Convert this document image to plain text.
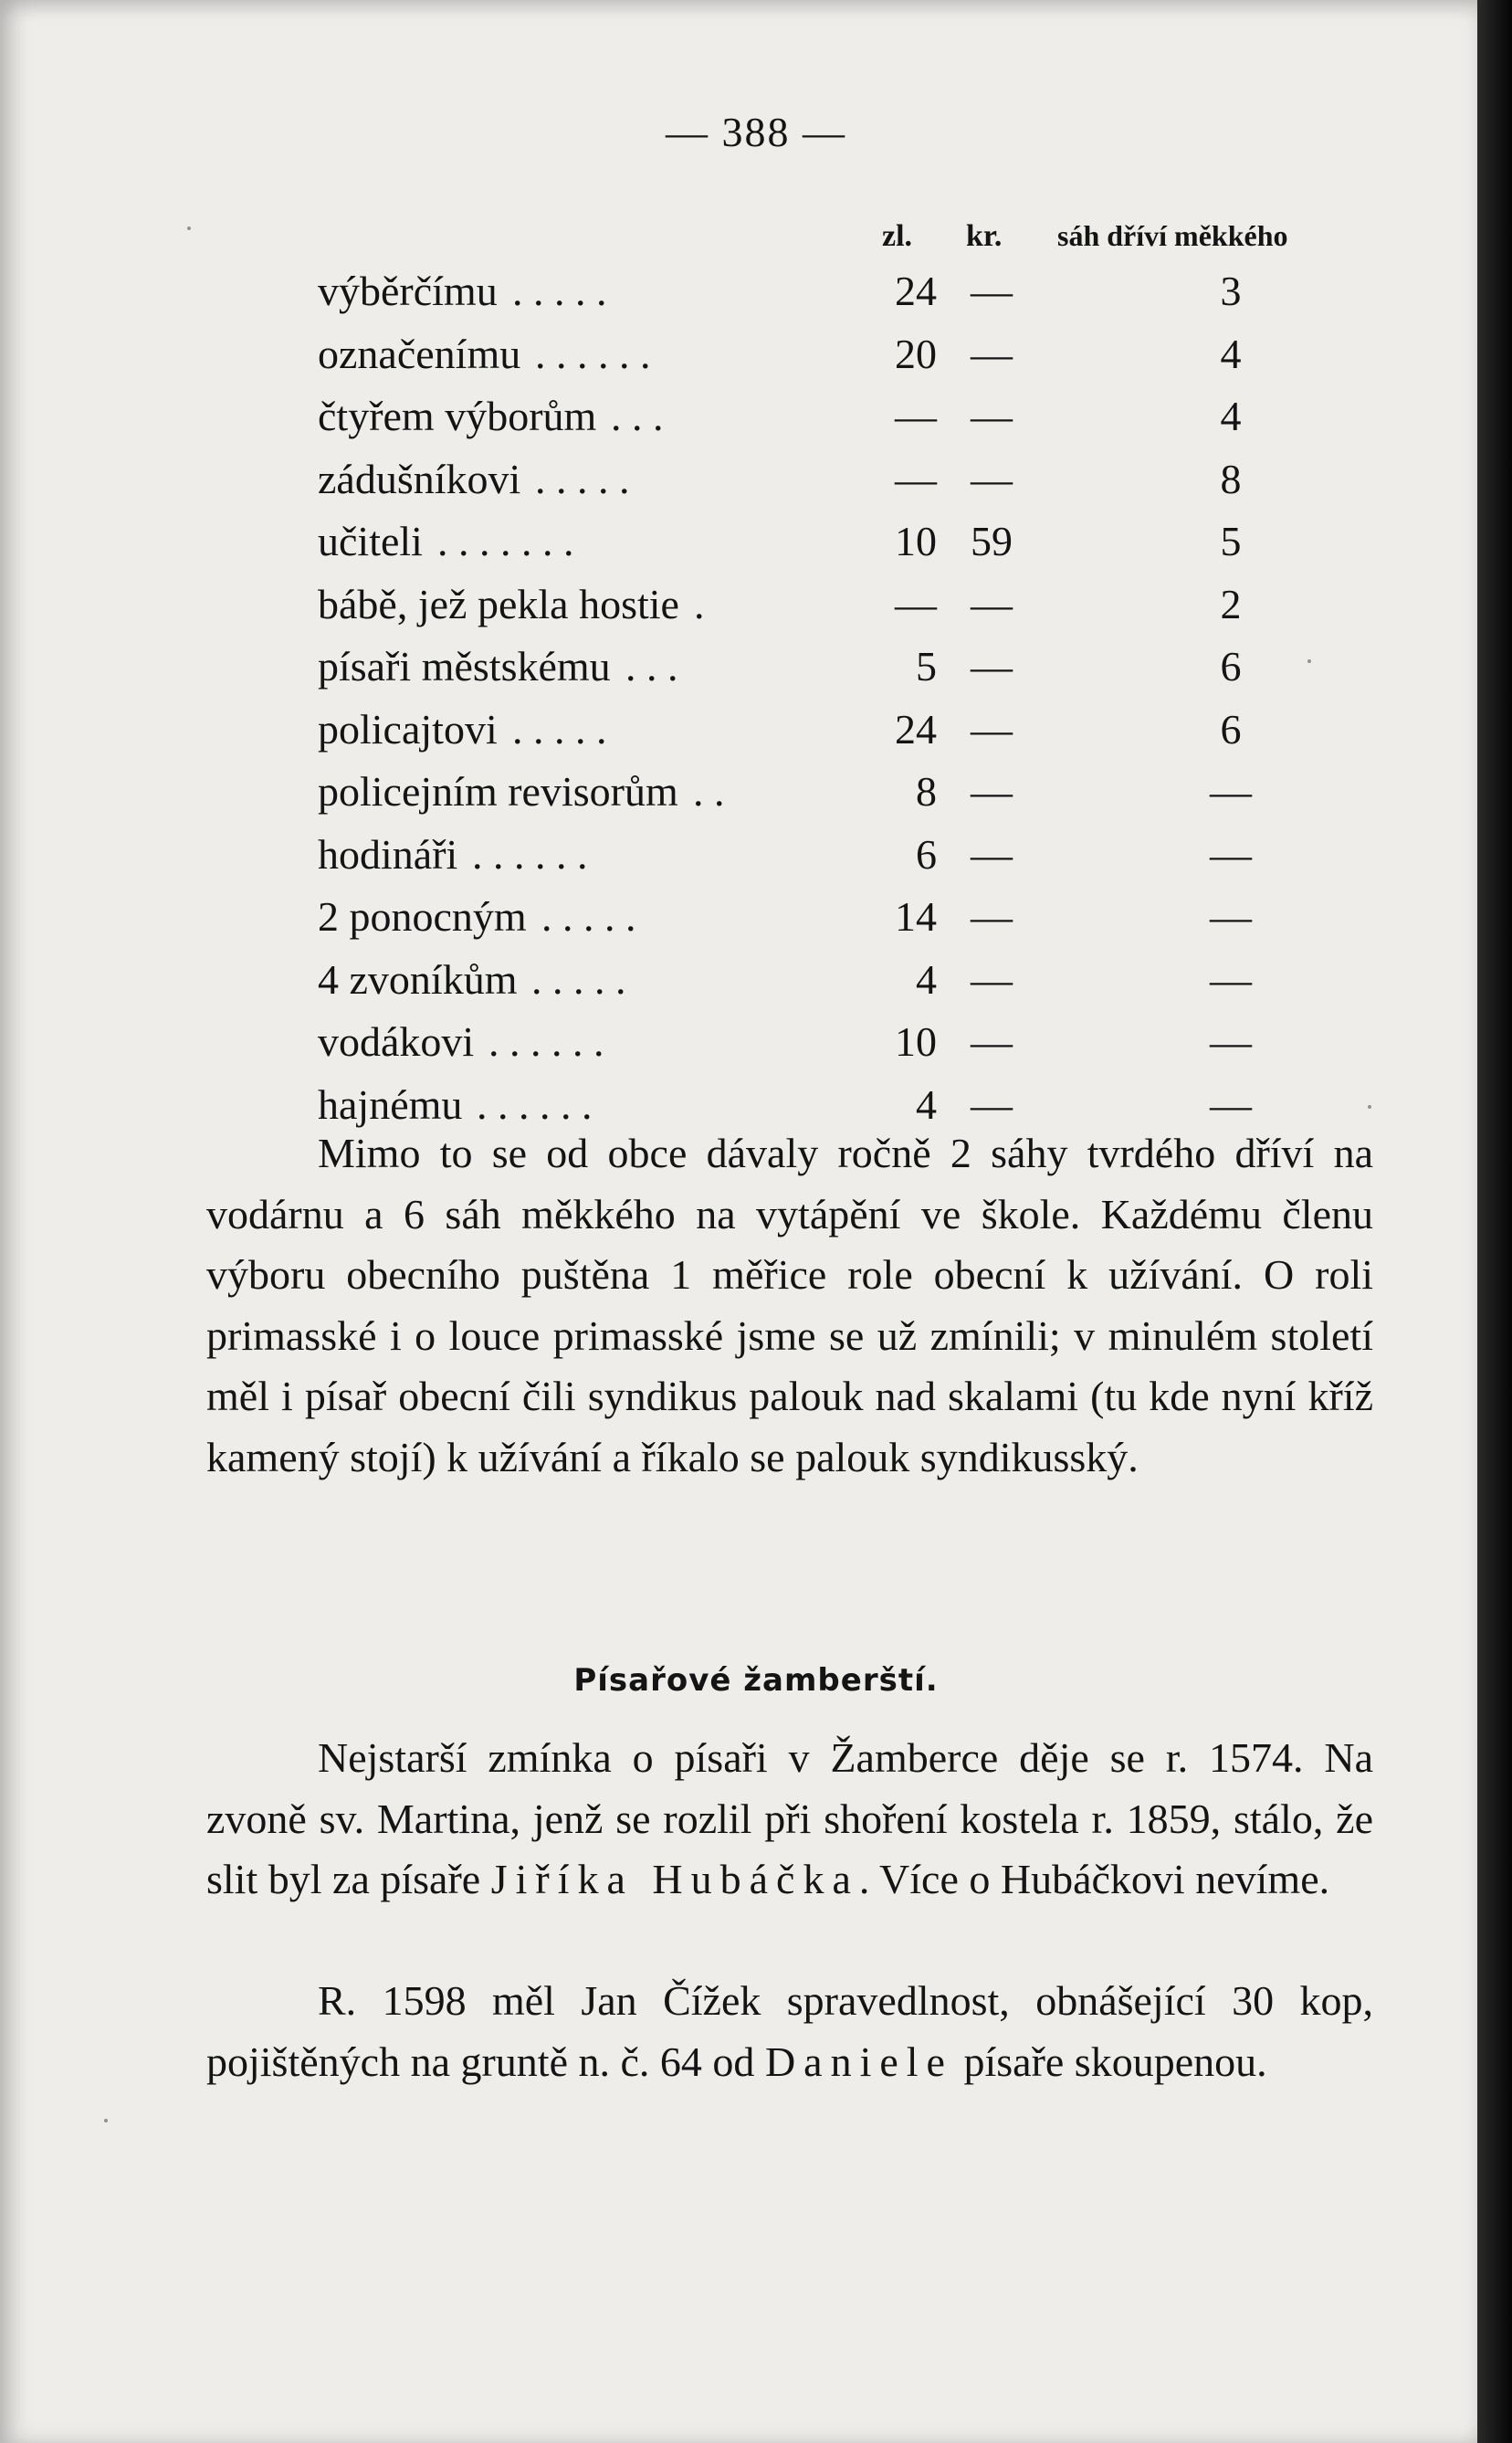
— 388 —
zl. kr. sáh dříví měkkého
výběrčímu . . . . .	24 —	3
označenímu . . . . . .	20 —	4
čtyřem výborům . . .	— —	4
zádušníkovi . . . . .	— —	8
učiteli . . . . . . .	10 59	5
bábě, jež pekla hostie .	— —	2
písaři městskému . . .	5 —	6
policajtovi . . . . .	24 —	6
policejním revisorům . .	8 —	—
hodináři . . . . . .	6 —	—
2 ponocným . . . . .	14 —	—
4 zvoníkům . . . . .	4 —	—
vodákovi . . . . . .	10 —	—
hajnému . . . . . .	4 —	—
Mimo to se od obce dávaly ročně 2 sáhy tvrdého dříví na vodárnu a 6 sáh měkkého na vytápění ve škole. Každému členu výboru obecního puštěna 1 měřice role obecní k užívání. O roli primasské i o louce primasské jsme se už zmínili; v minulém století měl i písař obecní čili syndikus palouk nad skalami (tu kde nyní kříž kamený stojí) k užívání a říkalo se palouk syndikusský.
Písařové žamberští.
Nejstarší zmínka o písaři v Žamberce děje se r. 1574. Na zvoně sv. Martina, jenž se rozlil při shoření kostela r. 1859, stálo, že slit byl za písaře Jiříka Hubáčka. Více o Hubáčkovi nevíme.
R. 1598 měl Jan Čížek spravedlnost, obnášející 30 kop, pojištěných na gruntě n. č. 64 od Daniele písaře skoupenou.
